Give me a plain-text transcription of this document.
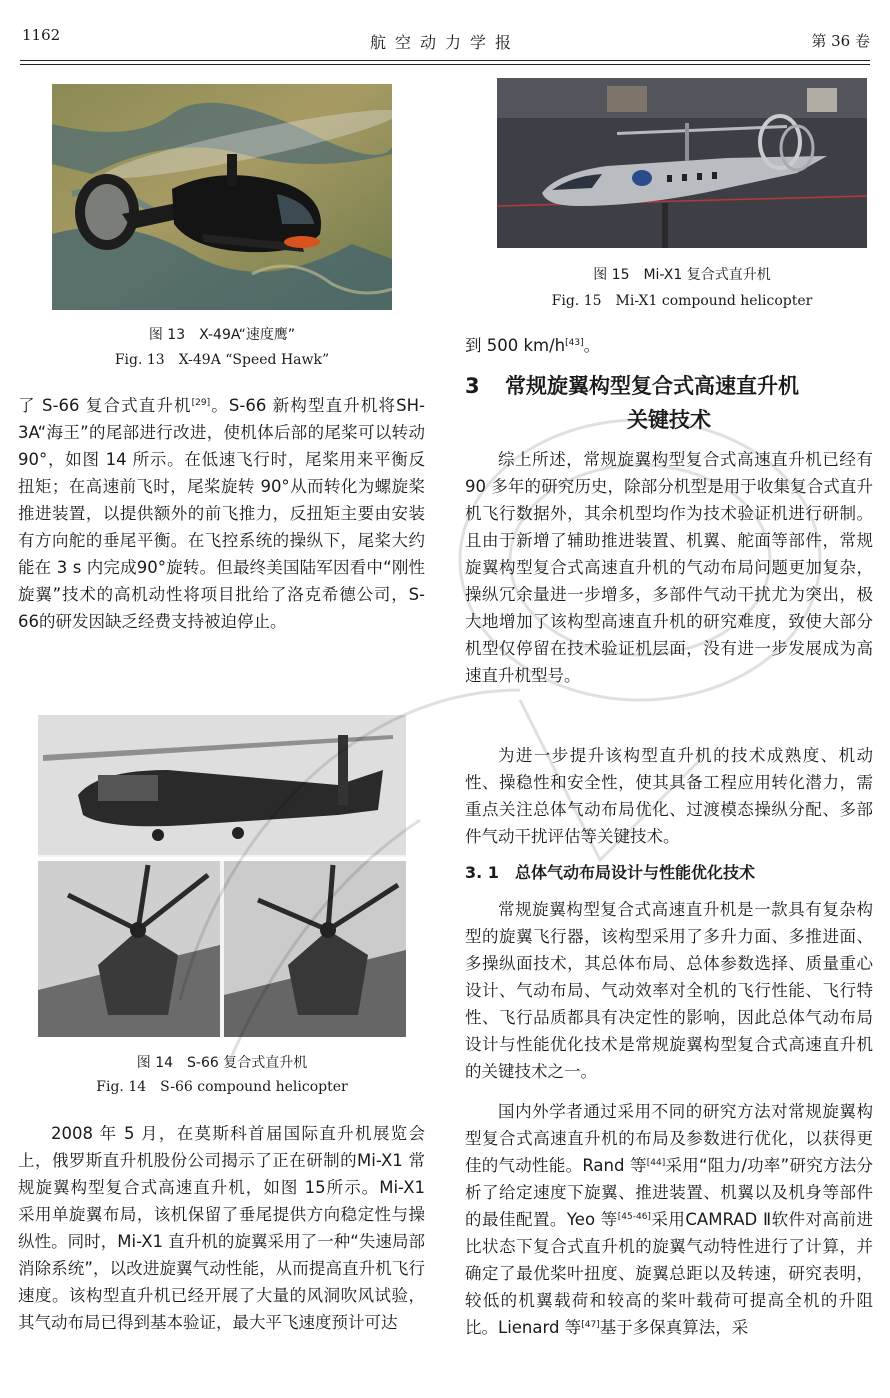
1162	航空动力学报	第 36 卷
图 13　X-49A“速度鹰”
Fig. 13　X-49A “Speed Hawk”
了 S-66 复合式直升机[29]。S-66 新构型直升机将SH-3A“海王”的尾部进行改进，使机体后部的尾桨可以转动 90°，如图 14 所示。在低速飞行时，尾桨用来平衡反扭矩；在高速前飞时，尾桨旋转 90°从而转化为螺旋桨推进装置，以提供额外的前飞推力，反扭矩主要由安装有方向舵的垂尾平衡。在飞控系统的操纵下，尾桨大约能在 3 s 内完成90°旋转。但最终美国陆军因看中“刚性旋翼”技术的高机动性将项目批给了洛克希德公司，S-66的研发因缺乏经费支持被迫停止。
图 14　S-66 复合式直升机
Fig. 14　S-66 compound helicopter
2008 年 5 月，在莫斯科首届国际直升机展览会上，俄罗斯直升机股份公司揭示了正在研制的Mi-X1 常规旋翼构型复合式高速直升机，如图 15所示。Mi-X1 采用单旋翼布局，该机保留了垂尾提供方向稳定性与操纵性。同时，Mi-X1 直升机的旋翼采用了一种“失速局部消除系统”，以改进旋翼气动性能，从而提高直升机飞行速度。该构型直升机已经开展了大量的风洞吹风试验，其气动布局已得到基本验证，最大平飞速度预计可达
图 15　Mi-X1 复合式直升机
Fig. 15　Mi-X1 compound helicopter
到 500 km/h[43]。
3 常规旋翼构型复合式高速直升机
关键技术
综上所述，常规旋翼构型复合式高速直升机已经有 90 多年的研究历史，除部分机型是用于收集复合式直升机飞行数据外，其余机型均作为技术验证机进行研制。且由于新增了辅助推进装置、机翼、舵面等部件，常规旋翼构型复合式高速直升机的气动布局问题更加复杂，操纵冗余量进一步增多，多部件气动干扰尤为突出，极大地增加了该构型高速直升机的研究难度，致使大部分机型仅停留在技术验证机层面，没有进一步发展成为高速直升机型号。
为进一步提升该构型直升机的技术成熟度、机动性、操稳性和安全性，使其具备工程应用转化潜力，需重点关注总体气动布局优化、过渡模态操纵分配、多部件气动干扰评估等关键技术。
3. 1 总体气动布局设计与性能优化技术
常规旋翼构型复合式高速直升机是一款具有复杂构型的旋翼飞行器，该构型采用了多升力面、多推进面、多操纵面技术，其总体布局、总体参数选择、质量重心设计、气动布局、气动效率对全机的飞行性能、飞行特性、飞行品质都具有决定性的影响，因此总体气动布局设计与性能优化技术是常规旋翼构型复合式高速直升机的关键技术之一。
国内外学者通过采用不同的研究方法对常规旋翼构型复合式高速直升机的布局及参数进行优化，以获得更佳的气动性能。Rand 等[44]采用“阻力/功率”研究方法分析了给定速度下旋翼、推进装置、机翼以及机身等部件的最佳配置。Yeo 等[45-46]采用CAMRAD Ⅱ软件对高前进比状态下复合式直升机的旋翼气动特性进行了计算，并确定了最优桨叶扭度、旋翼总距以及转速，研究表明，较低的机翼载荷和较高的桨叶载荷可提高全机的升阻比。Lienard 等[47]基于多保真算法，采
